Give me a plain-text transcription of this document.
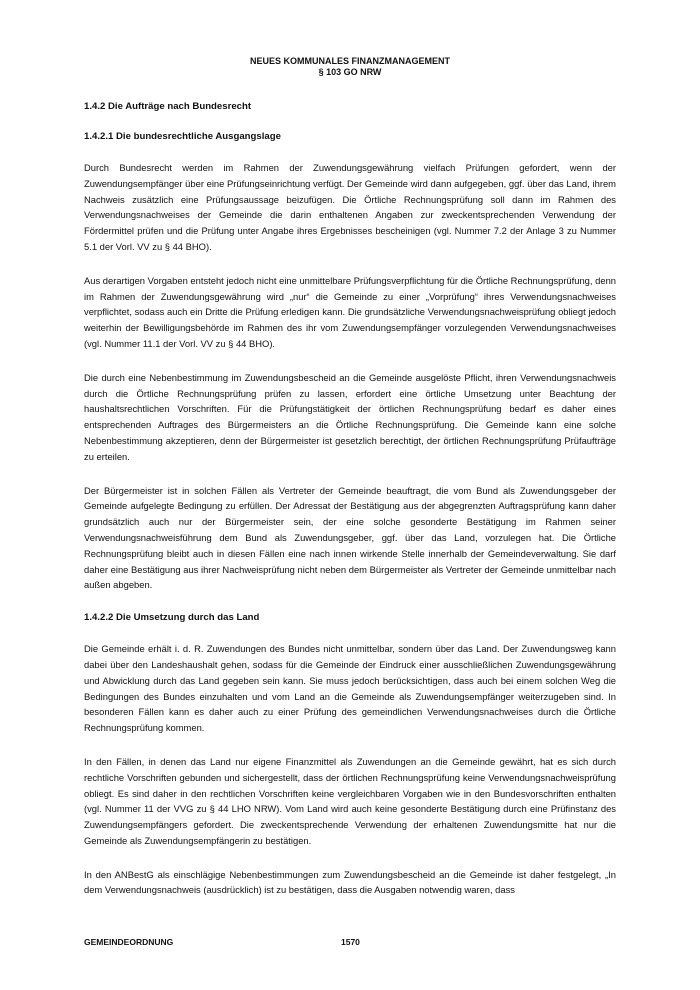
NEUES KOMMUNALES FINANZMANAGEMENT
§ 103 GO NRW
1.4.2 Die Aufträge nach Bundesrecht
1.4.2.1 Die bundesrechtliche Ausgangslage

Durch Bundesrecht werden im Rahmen der Zuwendungsgewährung vielfach Prüfungen gefordert, wenn der Zuwendungsempfänger über eine Prüfungseinrichtung verfügt. Der Gemeinde wird dann aufgegeben, ggf. über das Land, ihrem Nachweis zusätzlich eine Prüfungsaussage beizufügen. Die Örtliche Rechnungsprüfung soll dann im Rahmen des Verwendungsnachweises der Gemeinde die darin enthaltenen Angaben zur zweckentsprechenden Verwendung der Fördermittel prüfen und die Prüfung unter Angabe ihres Ergebnisses bescheinigen (vgl. Nummer 7.2 der Anlage 3 zu Nummer 5.1 der Vorl. VV zu § 44 BHO).

Aus derartigen Vorgaben entsteht jedoch nicht eine unmittelbare Prüfungsverpflichtung für die Örtliche Rechnungsprüfung, denn im Rahmen der Zuwendungsgewährung wird „nur“ die Gemeinde zu einer „Vorprüfung“ ihres Verwendungsnachweises verpflichtet, sodass auch ein Dritte die Prüfung erledigen kann. Die grundsätzliche Verwendungsnachweisprüfung obliegt jedoch weiterhin der Bewilligungsbehörde im Rahmen des ihr vom Zuwendungsempfänger vorzulegenden Verwendungsnachweises (vgl. Nummer 11.1 der Vorl. VV zu § 44 BHO).

Die durch eine Nebenbestimmung im Zuwendungsbescheid an die Gemeinde ausgelöste Pflicht, ihren Verwendungsnachweis durch die Örtliche Rechnungsprüfung prüfen zu lassen, erfordert eine örtliche Umsetzung unter Beachtung der haushaltsrechtlichen Vorschriften. Für die Prüfungstätigkeit der örtlichen Rechnungsprüfung bedarf es daher eines entsprechenden Auftrages des Bürgermeisters an die Örtliche Rechnungsprüfung. Die Gemeinde kann eine solche Nebenbestimmung akzeptieren, denn der Bürgermeister ist gesetzlich berechtigt, der örtlichen Rechnungsprüfung Prüfaufträge zu erteilen.

Der Bürgermeister ist in solchen Fällen als Vertreter der Gemeinde beauftragt, die vom Bund als Zuwendungsgeber der Gemeinde aufgelegte Bedingung zu erfüllen. Der Adressat der Bestätigung aus der abgegrenzten Auftragsprüfung kann daher grundsätzlich auch nur der Bürgermeister sein, der eine solche gesonderte Bestätigung im Rahmen seiner Verwendungsnachweisführung dem Bund als Zuwendungsgeber, ggf. über das Land, vorzulegen hat. Die Örtliche Rechnungsprüfung bleibt auch in diesen Fällen eine nach innen wirkende Stelle innerhalb der Gemeindeverwaltung. Sie darf daher eine Bestätigung aus ihrer Nachweisprüfung nicht neben dem Bürgermeister als Vertreter der Gemeinde unmittelbar nach außen abgeben.

1.4.2.2 Die Umsetzung durch das Land

Die Gemeinde erhält i. d. R. Zuwendungen des Bundes nicht unmittelbar, sondern über das Land. Der Zuwendungsweg kann dabei über den Landeshaushalt gehen, sodass für die Gemeinde der Eindruck einer ausschließlichen Zuwendungsgewährung und Abwicklung durch das Land gegeben sein kann. Sie muss jedoch berücksichtigen, dass auch bei einem solchen Weg die Bedingungen des Bundes einzuhalten und vom Land an die Gemeinde als Zuwendungsempfänger weiterzugeben sind. In besonderen Fällen kann es daher auch zu einer Prüfung des gemeindlichen Verwendungsnachweises durch die Örtliche Rechnungsprüfung kommen.

In den Fällen, in denen das Land nur eigene Finanzmittel als Zuwendungen an die Gemeinde gewährt, hat es sich durch rechtliche Vorschriften gebunden und sichergestellt, dass der örtlichen Rechnungsprüfung keine Verwendungsnachweisprüfung obliegt. Es sind daher in den rechtlichen Vorschriften keine vergleichbaren Vorgaben wie in den Bundesvorschriften enthalten (vgl. Nummer 11 der VVG zu § 44 LHO NRW). Vom Land wird auch keine gesonderte Bestätigung durch eine Prüfinstanz des Zuwendungsempfängers gefordert. Die zweckentsprechende Verwendung der erhaltenen Zuwendungsmitte hat nur die Gemeinde als Zuwendungsempfängerin zu bestätigen.

In den ANBestG als einschlägige Nebenbestimmungen zum Zuwendungsbescheid an die Gemeinde ist daher festgelegt, „In dem Verwendungsnachweis (ausdrücklich) ist zu bestätigen, dass die Ausgaben notwendig waren, dass

GEMEINDEORDNUNG	1570
